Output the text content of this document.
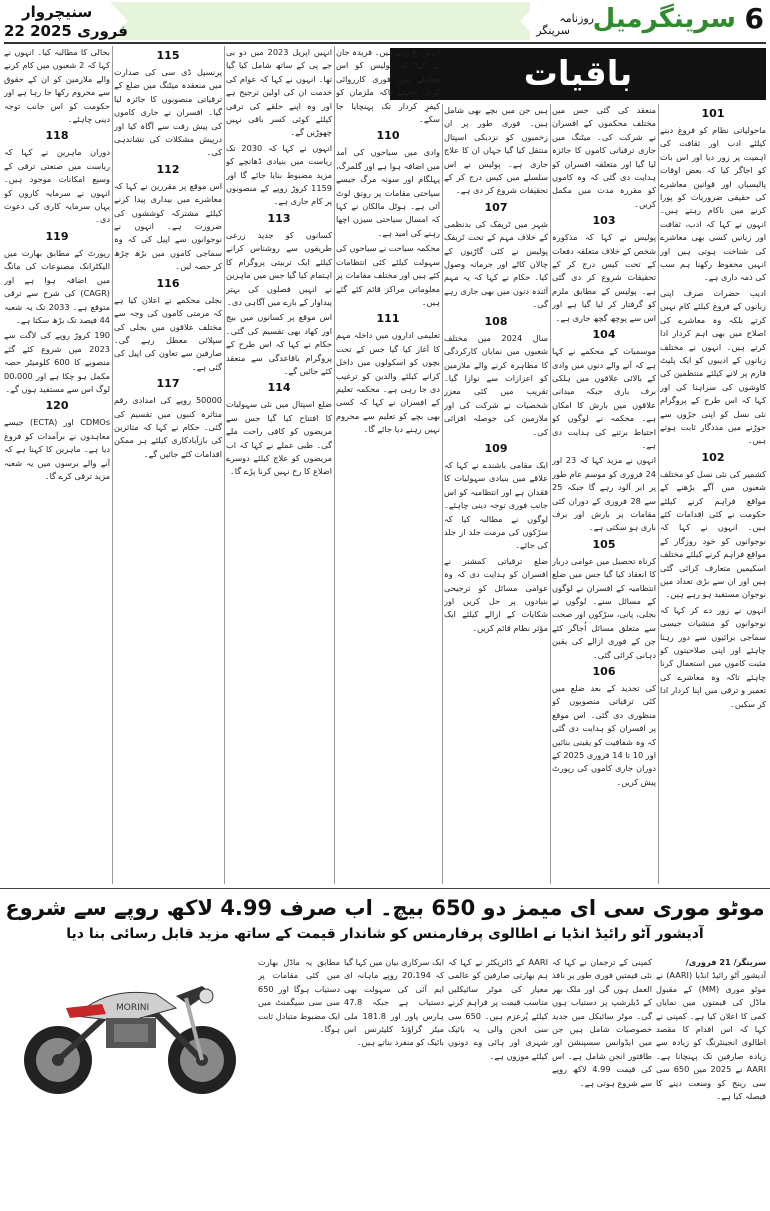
6
سرینگرمیل
روزنامہ
سرینگر
سنیچروار
22 فروری 2025
باقیات
101

ماحولیاتی نظام کو فروغ دینے کیلئے ادب اور ثقافت کی اہمیت پر زور دیا اور اس بات کو اجاگر کیا کہ بعض اوقات پالیسیاں اور قوانین معاشرے کی حقیقی ضروریات کو پورا کرنے میں ناکام رہتے ہیں۔ انہوں نے کہا کہ ادب، ثقافت اور زبانیں کسی بھی معاشرے کی شناخت ہوتی ہیں اور انہیں محفوظ رکھنا ہم سب کی ذمہ داری ہے۔

ادیب حضرات صرف اپنی زبانوں کے فروغ کیلئے کام نہیں کرتے بلکہ وہ معاشرے کی اصلاح میں بھی اہم کردار ادا کرتے ہیں۔ انہوں نے مختلف زبانوں کے ادیبوں کو ایک پلیٹ فارم پر لانے کیلئے منتظمین کی کاوشوں کی سراہنا کی اور کہا کہ اس طرح کے پروگرام نئی نسل کو اپنی جڑوں سے جوڑنے میں مددگار ثابت ہوتے ہیں۔

102

کشمیر کی نئی نسل کو مختلف شعبوں میں آگے بڑھنے کے مواقع فراہم کرنے کیلئے حکومت نے کئی اقدامات کئے ہیں۔ انہوں نے کہا کہ نوجوانوں کو خود روزگار کے مواقع فراہم کرنے کیلئے مختلف اسکیمیں متعارف کرائی گئی ہیں اور ان سے بڑی تعداد میں نوجوان مستفید ہو رہے ہیں۔

انہوں نے زور دے کر کہا کہ نوجوانوں کو منشیات جیسی سماجی برائیوں سے دور رہنا چاہئے اور اپنی صلاحیتوں کو مثبت کاموں میں استعمال کرنا چاہئے تاکہ وہ معاشرے کی تعمیر و ترقی میں اپنا کردار ادا کر سکیں۔

منعقد کی گئی جس میں مختلف محکموں کے افسران نے شرکت کی۔ میٹنگ میں جاری ترقیاتی کاموں کا جائزہ لیا گیا اور متعلقہ افسران کو ہدایت دی گئی کہ وہ کاموں کو مقررہ مدت میں مکمل کریں۔

103

پولیس نے کہا کہ مذکورہ شخص کے خلاف متعلقہ دفعات کے تحت کیس درج کر کے تحقیقات شروع کر دی گئی ہے۔ پولیس کے مطابق ملزم کو گرفتار کر لیا گیا ہے اور اس سے پوچھ گچھ جاری ہے۔

104

موسمیات کے محکمے نے کہا ہے کہ آنے والے دنوں میں وادی کے بالائی علاقوں میں ہلکی برف باری جبکہ میدانی علاقوں میں بارش کا امکان ہے۔ محکمہ نے لوگوں کو احتیاط برتنے کی ہدایت دی ہے۔

انہوں نے مزید کہا کہ 23 اور 24 فروری کو موسم عام طور پر ابر آلود رہے گا جبکہ 25 سے 28 فروری کے دوران کئی مقامات پر بارش اور برف باری ہو سکتی ہے۔

105

کرناہ تحصیل میں عوامی دربار کا انعقاد کیا گیا جس میں ضلع انتظامیہ کے افسران نے لوگوں کے مسائل سنے۔ لوگوں نے بجلی، پانی، سڑکوں اور صحت سے متعلق مسائل اُجاگر کئے جن کے فوری ازالے کی یقین دہانی کرائی گئی۔

106

کی تجدید کے بعد ضلع میں کئی ترقیاتی منصوبوں کو منظوری دی گئی۔ اس موقع پر افسران کو ہدایت دی گئی کہ وہ شفافیت کو یقینی بنائیں اور 10 تا 14 فروری 2025 کے دوران جاری کاموں کی رپورٹ پیش کریں۔

ہیں جن میں بچے بھی شامل ہیں۔ فوری طور پر ان زخمیوں کو نزدیکی اسپتال منتقل کیا گیا جہاں ان کا علاج جاری ہے۔ پولیس نے اس سلسلے میں کیس درج کر کے تحقیقات شروع کر دی ہے۔

107

شہر میں ٹریفک کی بدنظمی کے خلاف مہم کے تحت ٹریفک پولیس نے کئی گاڑیوں کے چالان کاٹے اور جرمانہ وصول کیا۔ حکام نے کہا کہ یہ مہم آئندہ دنوں میں بھی جاری رہے گی۔

108

سال 2024 میں مختلف شعبوں میں نمایاں کارکردگی کا مظاہرہ کرنے والے ملازمین کو اعزازات سے نوازا گیا۔ تقریب میں کئی معزز شخصیات نے شرکت کی اور ملازمین کی حوصلہ افزائی کی۔

109

ایک مقامی باشندے نے کہا کہ علاقے میں بنیادی سہولیات کا فقدان ہے اور انتظامیہ کو اس جانب فوری توجہ دینی چاہئے۔ لوگوں نے مطالبہ کیا کہ سڑکوں کی مرمت جلد از جلد کی جائے۔

ضلع ترقیاتی کمشنر نے افسران کو ہدایت دی کہ وہ عوامی مسائل کو ترجیحی بنیادوں پر حل کریں اور شکایات کے ازالے کیلئے ایک مؤثر نظام قائم کریں۔

انہیں بچ رہے ہیں۔ فریدہ جان نے کہا کہ پولیس کو اس معاملے میں فوری کارروائی کرنی چاہئے تاکہ ملزمان کو کیفرِ کردار تک پہنچایا جا سکے۔

110

وادی میں سیاحوں کی آمد میں اضافہ ہوا ہے اور گلمرگ، پہلگام اور سونہ مرگ جیسے سیاحتی مقامات پر رونق لوٹ آئی ہے۔ ہوٹل مالکان نے کہا کہ امسال سیاحتی سیزن اچھا رہنے کی امید ہے۔

محکمہ سیاحت نے سیاحوں کی سہولت کیلئے کئی انتظامات کئے ہیں اور مختلف مقامات پر معلوماتی مراکز قائم کئے گئے ہیں۔

111

تعلیمی اداروں میں داخلہ مہم کا آغاز کیا گیا جس کے تحت بچوں کو اسکولوں میں داخل کرانے کیلئے والدین کو ترغیب دی جا رہی ہے۔ محکمہ تعلیم کے افسران نے کہا کہ کسی بھی بچے کو تعلیم سے محروم نہیں رہنے دیا جائے گا۔

انہیں اپریل 2023 میں دو بی جے پی کے ساتھ شامل کیا گیا تھا۔ انہوں نے کہا کہ عوام کی خدمت ان کی اولین ترجیح ہے اور وہ اپنے حلقے کی ترقی کیلئے کوئی کسر باقی نہیں چھوڑیں گے۔

انہوں نے کہا کہ 2030 تک ریاست میں بنیادی ڈھانچے کو مزید مضبوط بنایا جائے گا اور 1159 کروڑ روپے کے منصوبوں پر کام جاری ہے۔

113

کسانوں کو جدید زرعی طریقوں سے روشناس کرانے کیلئے ایک تربیتی پروگرام کا اہتمام کیا گیا جس میں ماہرین نے انہیں فصلوں کی بہتر پیداوار کے بارے میں آگاہی دی۔

اس موقع پر کسانوں میں بیج اور کھاد بھی تقسیم کی گئی۔ حکام نے کہا کہ اس طرح کے پروگرام باقاعدگی سے منعقد کئے جائیں گے۔

114

ضلع اسپتال میں نئی سہولیات کا افتتاح کیا گیا جس سے مریضوں کو کافی راحت ملے گی۔ طبی عملے نے کہا کہ اب مریضوں کو علاج کیلئے دوسرے اضلاع کا رخ نہیں کرنا پڑے گا۔

115

پرنسپل ڈی سی کی صدارت میں منعقدہ میٹنگ میں ضلع کے ترقیاتی منصوبوں کا جائزہ لیا گیا۔ افسران نے جاری کاموں کی پیش رفت سے آگاہ کیا اور درپیش مشکلات کی نشاندہی کی۔

112

اس موقع پر مقررین نے کہا کہ معاشرے میں بیداری پیدا کرنے کیلئے مشترکہ کوششوں کی ضرورت ہے۔ انہوں نے نوجوانوں سے اپیل کی کہ وہ سماجی کاموں میں بڑھ چڑھ کر حصہ لیں۔

116

بجلی محکمے نے اعلان کیا ہے کہ مرمتی کاموں کی وجہ سے مختلف علاقوں میں بجلی کی سپلائی معطل رہے گی۔ صارفین سے تعاون کی اپیل کی گئی ہے۔

117

50000 روپے کی امدادی رقم متاثرہ کنبوں میں تقسیم کی گئی۔ حکام نے کہا کہ متاثرین کی بازآبادکاری کیلئے ہر ممکن اقدامات کئے جائیں گے۔

بحالی کا مطالبہ کیا۔ انہوں نے کہا کہ 2 شعبوں میں کام کرنے والے ملازمین کو ان کے حقوق سے محروم رکھا جا رہا ہے اور حکومت کو اس جانب توجہ دینی چاہئے۔

118

دوران ماہرین نے کہا کہ ریاست میں صنعتی ترقی کے وسیع امکانات موجود ہیں۔ انہوں نے سرمایہ کاروں کو یہاں سرمایہ کاری کی دعوت دی۔

119

رپورٹ کے مطابق بھارت میں الیکٹرانک مصنوعات کی مانگ میں اضافہ ہوا ہے اور (CAGR) کی شرح سے ترقی متوقع ہے۔ 2033 تک یہ شعبہ 44 فیصد تک بڑھ سکتا ہے۔

190 کروڑ روپے کی لاگت سے 2023 میں شروع کئے گئے منصوبے کا 600 کلومیٹر حصہ مکمل ہو چکا ہے اور 00،000 لوگ اس سے مستفید ہوں گے۔

120

CDMOs اور (ECTA) جیسے معاہدوں نے برآمدات کو فروغ دیا ہے۔ ماہرین کا کہنا ہے کہ آنے والے برسوں میں یہ شعبہ مزید ترقی کرے گا۔

موٹو موری سی ای میمز دو 650 بیچ۔ اب صرف 4.99 لاکھ روپے سے شروع
آدیشور آٹو رائیڈ انڈیا نے اطالوی پرفارمنس کو شاندار قیمت کے ساتھ مزید قابل رسائی بنا دیا
MORINI
سرینگر/ 21 فروری/

آدیشور آٹو رائیڈ انڈیا (AARI) نے موٹو موری (MM) کے مقبول ماڈل کی قیمتوں میں نمایاں کمی کا اعلان کیا ہے۔ کمپنی نے کہا کہ اس اقدام کا مقصد اطالوی انجینئرنگ کو زیادہ سے زیادہ صارفین تک پہنچانا ہے۔ AARI نے 2025 میں 650 سی سی رینج کو وسعت دینے کا فیصلہ کیا ہے۔

کمپنی کے ترجمان نے کہا کہ نئی قیمتیں فوری طور پر نافذ العمل ہوں گی اور ملک بھر کے ڈیلرشپ پر دستیاب ہوں گی۔ موٹر سائیکل میں جدید خصوصیات شامل ہیں جن میں ایڈوانس سسپنشن اور طاقتور انجن شامل ہے۔ اس کی قیمت 4.99 لاکھ روپے سے شروع ہوتی ہے۔

AARI کے ڈائریکٹر نے کہا کہ ہم بھارتی صارفین کو عالمی معیار کی موٹر سائیکلیں مناسب قیمت پر فراہم کرنے کیلئے پُرعزم ہیں۔ 650 سی سی انجن والی یہ بائیک شہری اور ہائی وے دونوں کیلئے موزوں ہے۔

ایک سرکاری بیان میں کہا گیا کہ 20،194 روپے ماہانہ ای ایم آئی کی سہولت بھی دستیاب ہے جبکہ 47.8 ہارس پاور اور 181.8 ملی میٹر گراؤنڈ کلیئرنس اس بائیک کو منفرد بناتے ہیں۔

مطابق یہ ماڈل بھارت میں کئی مقامات پر دستیاب ہوگا اور 650 سی سی سیگمنٹ میں ایک مضبوط متبادل ثابت ہوگا۔
